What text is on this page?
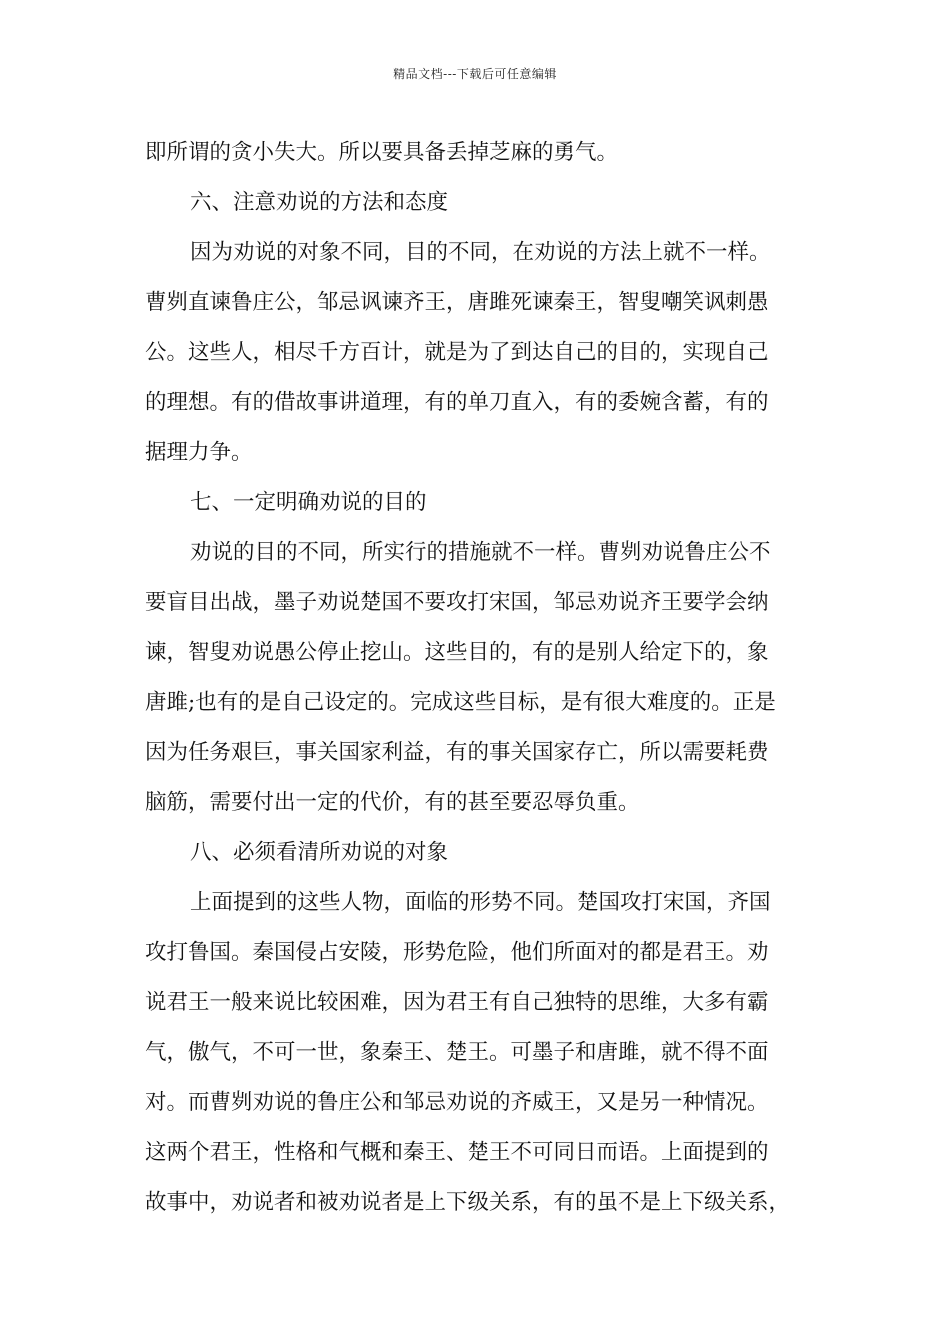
精品文档---下载后可任意编辑
即所谓的贪小失大。所以要具备丢掉芝麻的勇气。
六、注意劝说的方法和态度
因为劝说的对象不同，目的不同，在劝说的方法上就不一样。
曹刿直谏鲁庄公，邹忌讽谏齐王，唐雎死谏秦王，智叟嘲笑讽刺愚
公。这些人，相尽千方百计，就是为了到达自己的目的，实现自己
的理想。有的借故事讲道理，有的单刀直入，有的委婉含蓄，有的
据理力争。
七、一定明确劝说的目的
劝说的目的不同，所实行的措施就不一样。曹刿劝说鲁庄公不
要盲目出战，墨子劝说楚国不要攻打宋国，邹忌劝说齐王要学会纳
谏，智叟劝说愚公停止挖山。这些目的，有的是别人给定下的，象
唐雎;也有的是自己设定的。完成这些目标，是有很大难度的。正是
因为任务艰巨，事关国家利益，有的事关国家存亡，所以需要耗费
脑筋，需要付出一定的代价，有的甚至要忍辱负重。
八、必须看清所劝说的对象
上面提到的这些人物，面临的形势不同。楚国攻打宋国，齐国
攻打鲁国。秦国侵占安陵，形势危险，他们所面对的都是君王。劝
说君王一般来说比较困难，因为君王有自己独特的思维，大多有霸
气，傲气，不可一世，象秦王、楚王。可墨子和唐雎，就不得不面
对。而曹刿劝说的鲁庄公和邹忌劝说的齐威王，又是另一种情况。
这两个君王，性格和气概和秦王、楚王不可同日而语。上面提到的
故事中，劝说者和被劝说者是上下级关系，有的虽不是上下级关系，
